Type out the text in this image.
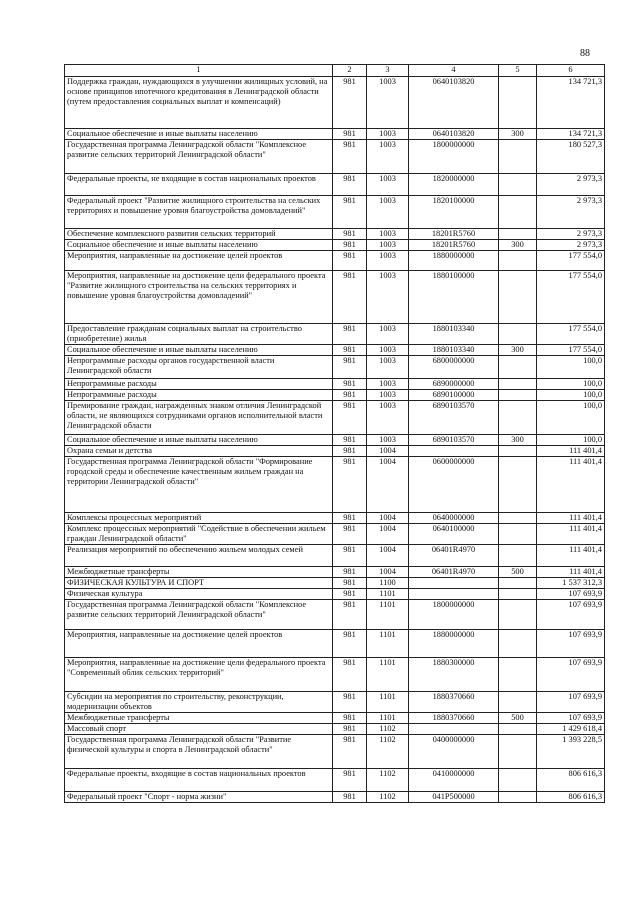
88
1	2	3	4	5	6
Поддержка граждан, нуждающихся в улучшении жилищных условий, на основе принципов ипотечного кредитования в Ленинградской области (путем предоставления социальных выплат и компенсаций)	981	1003	0640103820		134 721,3
Социальное обеспечение и иные выплаты населению	981	1003	0640103820	300	134 721,3
Государственная программа Ленинградской области "Комплексное развитие сельских территорий Ленинградской области"	981	1003	1800000000		180 527,3
Федеральные проекты, не входящие в состав национальных проектов	981	1003	1820000000		2 973,3
Федеральный проект "Развитие жилищного строительства на сельских территориях и повышение уровня благоустройства домовладений"	981	1003	1820100000		2 973,3
Обеспечение комплексного развития сельских территорий	981	1003	18201R5760		2 973,3
Социальное обеспечение и иные выплаты населению	981	1003	18201R5760	300	2 973,3
Мероприятия, направленные на достижение целей проектов	981	1003	1880000000		177 554,0
Мероприятия, направленные на достижение цели федерального проекта "Развитие жилищного строительства на сельских территориях и повышение уровня благоустройства домовладений"	981	1003	1880100000		177 554,0
Предоставление гражданам социальных выплат на строительство (приобретение) жилья	981	1003	1880103340		177 554,0
Социальное обеспечение и иные выплаты населению	981	1003	1880103340	300	177 554,0
Непрограммные расходы органов государственной власти Ленинградской области	981	1003	6800000000		100,0
Непрограммные расходы	981	1003	6890000000		100,0
Непрограммные расходы	981	1003	6890100000		100,0
Премирование граждан, награжденных знаком отличия Ленинградской области, не являющихся сотрудниками органов исполнительной власти Ленинградской области	981	1003	6890103570		100,0
Социальное обеспечение и иные выплаты населению	981	1003	6890103570	300	100,0
Охрана семьи и детства	981	1004			111 401,4
Государственная программа Ленинградской области "Формирование городской среды и обеспечение качественным жильем граждан на территории Ленинградской области"	981	1004	0600000000		111 401,4
Комплексы процессных мероприятий	981	1004	0640000000		111 401,4
Комплекс процессных мероприятий "Содействие в обеспечении жильем граждан Ленинградской области"	981	1004	0640100000		111 401,4
Реализация мероприятий по обеспечению жильем молодых семей	981	1004	06401R4970		111 401,4
Межбюджетные трансферты	981	1004	06401R4970	500	111 401,4
ФИЗИЧЕСКАЯ КУЛЬТУРА И СПОРТ	981	1100			1 537 312,3
Физическая культура	981	1101			107 693,9
Государственная программа Ленинградской области "Комплексное развитие сельских территорий Ленинградской области"	981	1101	1800000000		107 693,9
Мероприятия, направленные на достижение целей проектов	981	1101	1880000000		107 693,9
Мероприятия, направленные на достижение цели федерального проекта "Современный облик сельских территорий"	981	1101	1880300000		107 693,9
Субсидии на мероприятия по строительству, реконструкции, модернизации объектов	981	1101	1880370660		107 693,9
Межбюджетные трансферты	981	1101	1880370660	500	107 693,9
Массовый спорт	981	1102			1 429 618,4
Государственная программа Ленинградской области "Развитие физической культуры и спорта в Ленинградской области"	981	1102	0400000000		1 393 228,5
Федеральные проекты, входящие в состав национальных проектов	981	1102	0410000000		806 616,3
Федеральный проект "Спорт - норма жизни"	981	1102	041P500000		806 616,3
